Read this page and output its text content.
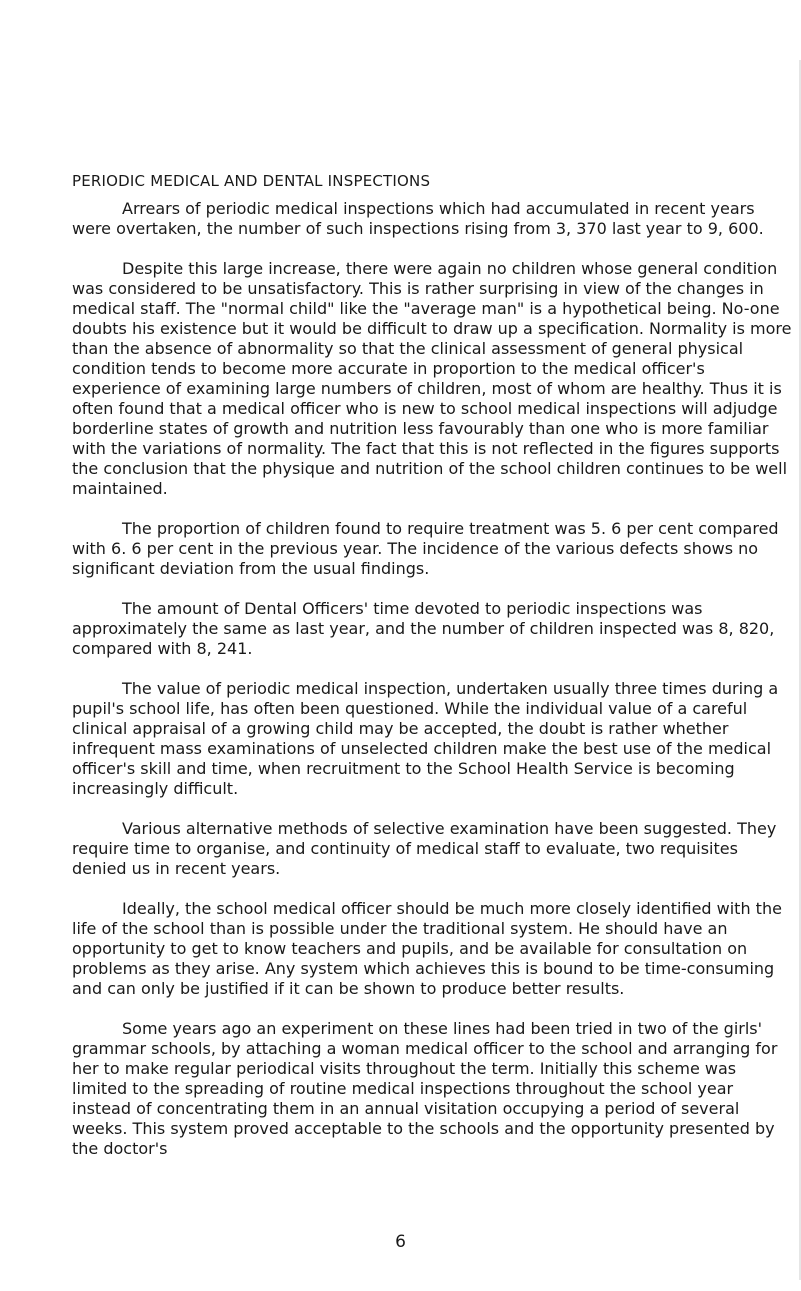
PERIODIC MEDICAL AND DENTAL INSPECTIONS

Arrears of periodic medical inspections which had accumulated in recent years were overtaken, the number of such inspections rising from 3, 370 last year to 9, 600.

Despite this large increase, there were again no children whose general condition was considered to be unsatisfactory. This is rather surprising in view of the changes in medical staff. The "normal child" like the "average man" is a hypothetical being. No-one doubts his existence but it would be difficult to draw up a specification. Normality is more than the absence of abnormality so that the clinical assessment of general physical condition tends to become more accurate in proportion to the medical officer's experience of examining large numbers of children, most of whom are healthy. Thus it is often found that a medical officer who is new to school medical inspections will adjudge borderline states of growth and nutrition less favourably than one who is more familiar with the variations of normality. The fact that this is not reflected in the figures supports the conclusion that the physique and nutrition of the school children continues to be well maintained.

The proportion of children found to require treatment was 5. 6 per cent compared with 6. 6 per cent in the previous year. The incidence of the various defects shows no significant deviation from the usual findings.

The amount of Dental Officers' time devoted to periodic inspections was approximately the same as last year, and the number of children inspected was 8, 820, compared with 8, 241.

The value of periodic medical inspection, undertaken usually three times during a pupil's school life, has often been questioned. While the individual value of a careful clinical appraisal of a growing child may be accepted, the doubt is rather whether infrequent mass examinations of unselected children make the best use of the medical officer's skill and time, when recruitment to the School Health Service is becoming increasingly difficult.

Various alternative methods of selective examination have been suggested. They require time to organise, and continuity of medical staff to evaluate, two requisites denied us in recent years.

Ideally, the school medical officer should be much more closely identified with the life of the school than is possible under the traditional system. He should have an opportunity to get to know teachers and pupils, and be available for consultation on problems as they arise. Any system which achieves this is bound to be time-consuming and can only be justified if it can be shown to produce better results.

Some years ago an experiment on these lines had been tried in two of the girls' grammar schools, by attaching a woman medical officer to the school and arranging for her to make regular periodical visits throughout the term. Initially this scheme was limited to the spreading of routine medical inspections throughout the school year instead of concentrating them in an annual visitation occupying a period of several weeks. This system proved acceptable to the schools and the opportunity presented by the doctor's

6
